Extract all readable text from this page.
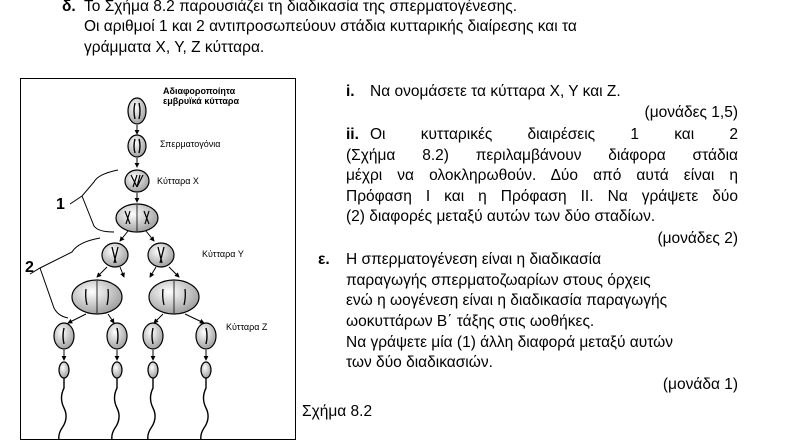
δ. Το Σχήμα 8.2 παρουσιάζει τη διαδικασία της σπερματογένεσης.
Οι αριθμοί 1 και 2 αντιπροσωπεύουν στάδια κυτταρικής διαίρεσης και τα
γράμματα X, Y, Z κύτταρα.
Αδιαφοροποίητα
εμβρυϊκά κύτταρα
Σπερματογόνια
Κύτταρα X
Κύτταρα Y
Κύτταρα Z
1
2
i. Να ονομάσετε τα κύτταρα X, Y και Z.
(μονάδες 1,5)
ii. Οι κυτταρικές διαιρέσεις 1 και 2
(Σχήμα 8.2) περιλαμβάνουν διάφορα στάδια
μέχρι να ολοκληρωθούν. Δύο από αυτά είναι η
Πρόφαση Ι και η Πρόφαση ΙΙ. Να γράψετε δύο
(2) διαφορές μεταξύ αυτών των δύο σταδίων.
(μονάδες 2)
ε. Η σπερματογένεση είναι η διαδικασία
παραγωγής σπερματοζωαρίων στους όρχεις
ενώ η ωογένεση είναι η διαδικασία παραγωγής
ωοκυττάρων Β΄ τάξης στις ωοθήκες.
Να γράψετε μία (1) άλλη διαφορά μεταξύ αυτών
των δύο διαδικασιών.
(μονάδα 1)
Σχήμα 8.2
